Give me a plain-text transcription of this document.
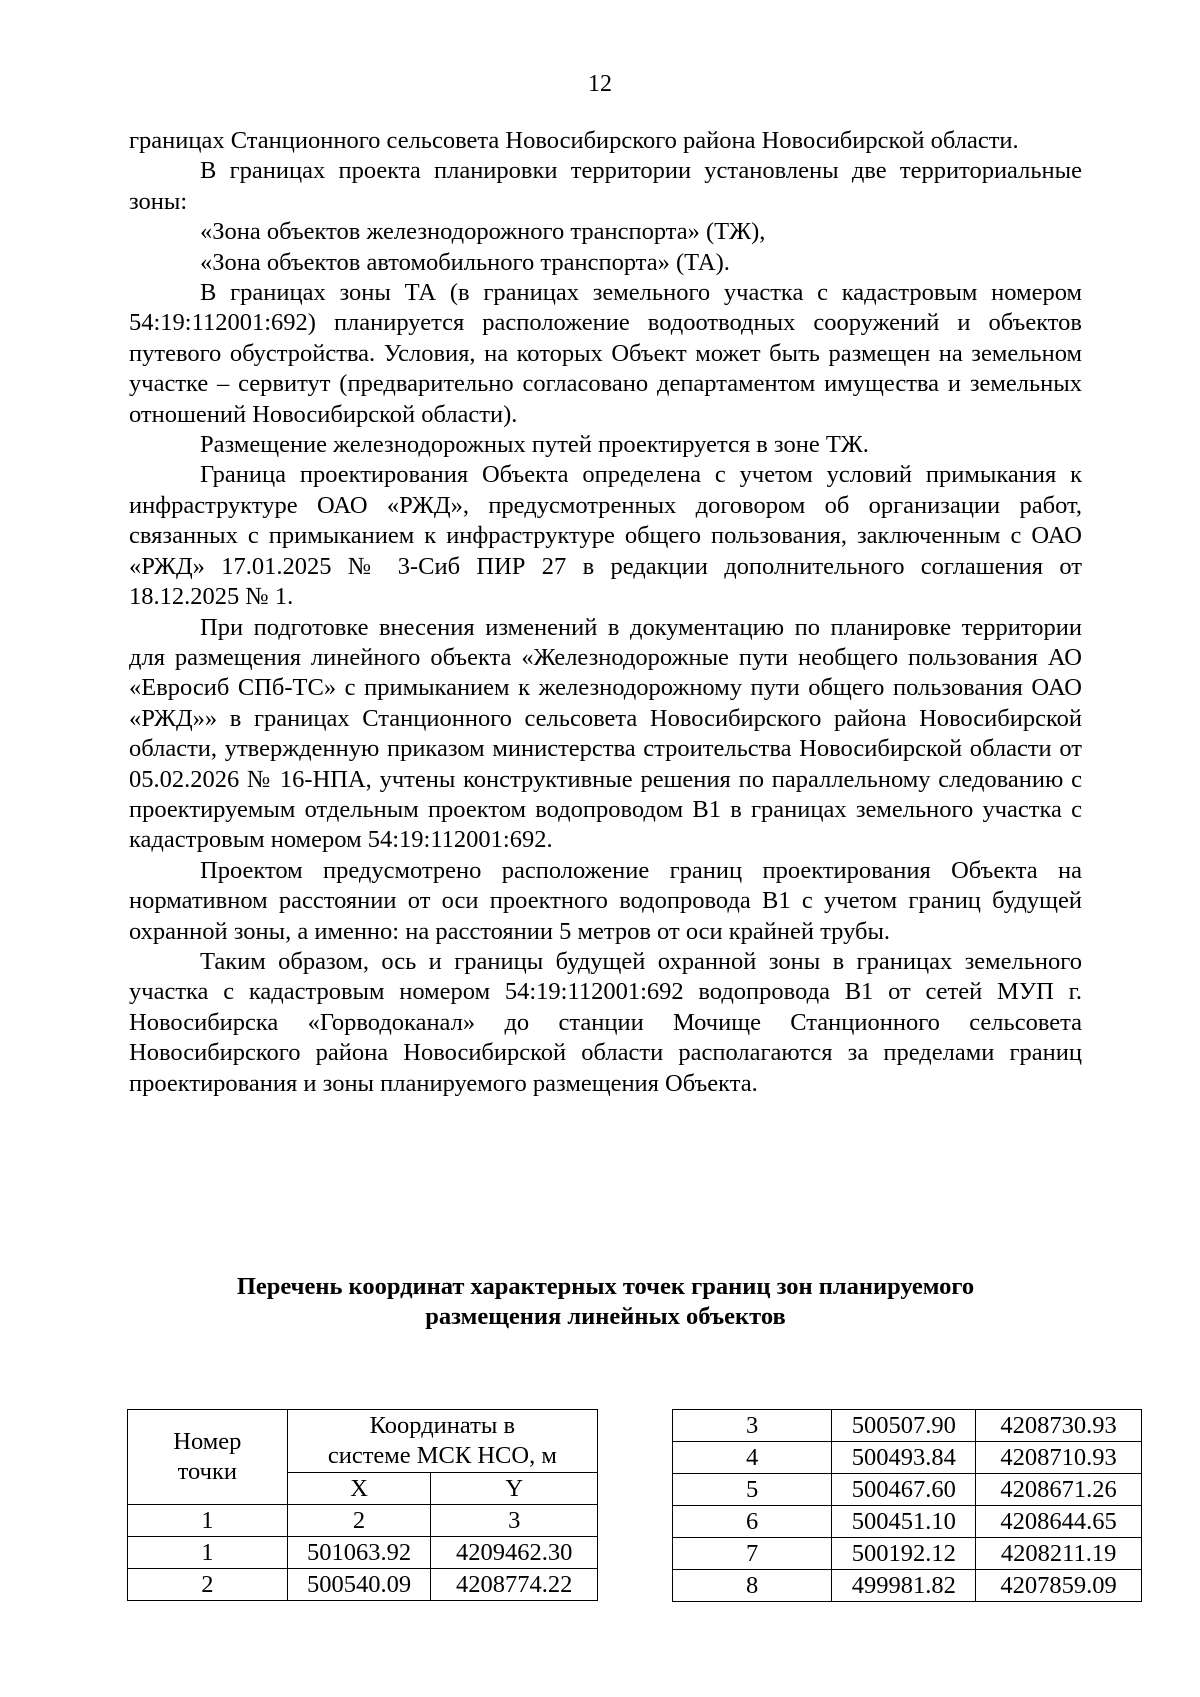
12

границах Станционного сельсовета Новосибирского района Новосибирской области.

В границах проекта планировки территории установлены две территориальные зоны:

«Зона объектов железнодорожного транспорта» (ТЖ),

«Зона объектов автомобильного транспорта» (ТА).

В границах зоны ТА (в границах земельного участка с кадастровым номером 54:19:112001:692) планируется расположение водоотводных сооружений и объектов путевого обустройства. Условия, на которых Объект может быть размещен на земельном участке – сервитут (предварительно согласовано департаментом имущества и земельных отношений Новосибирской области).

Размещение железнодорожных путей проектируется в зоне ТЖ.

Граница проектирования Объекта определена с учетом условий примыкания к инфраструктуре ОАО «РЖД», предусмотренных договором об организации работ, связанных с примыканием к инфраструктуре общего пользования, заключенным с ОАО «РЖД» 17.01.2025 № 3-Сиб ПИР 27 в редакции дополнительного соглашения от 18.12.2025 № 1.

При подготовке внесения изменений в документацию по планировке территории для размещения линейного объекта «Железнодорожные пути необщего пользования АО «Евросиб СПб-ТС» с примыканием к железнодорожному пути общего пользования ОАО «РЖД»» в границах Станционного сельсовета Новосибирского района Новосибирской области, утвержденную приказом министерства строительства Новосибирской области от 05.02.2026 № 16-НПА, учтены конструктивные решения по параллельному следованию с проектируемым отдельным проектом водопроводом В1 в границах земельного участка с кадастровым номером 54:19:112001:692.

Проектом предусмотрено расположение границ проектирования Объекта на нормативном расстоянии от оси проектного водопровода В1 с учетом границ будущей охранной зоны, а именно: на расстоянии 5 метров от оси крайней трубы.

Таким образом, ось и границы будущей охранной зоны в границах земельного участка с кадастровым номером 54:19:112001:692 водопровода В1 от сетей МУП г. Новосибирска «Горводоканал» до станции Мочище Станционного сельсовета Новосибирского района Новосибирской области располагаются за пределами границ проектирования и зоны планируемого размещения Объекта.

Перечень координат характерных точек границ зон планируемого
размещения линейных объектов
Номер точки	Координаты в системе МСК НСО, м	
	X	Y
1	2	3
1	501063.92	4209462.30
2	500540.09	4208774.22
3	500507.90	4208730.93
4	500493.84	4208710.93
5	500467.60	4208671.26
6	500451.10	4208644.65
7	500192.12	4208211.19
8	499981.82	4207859.09
